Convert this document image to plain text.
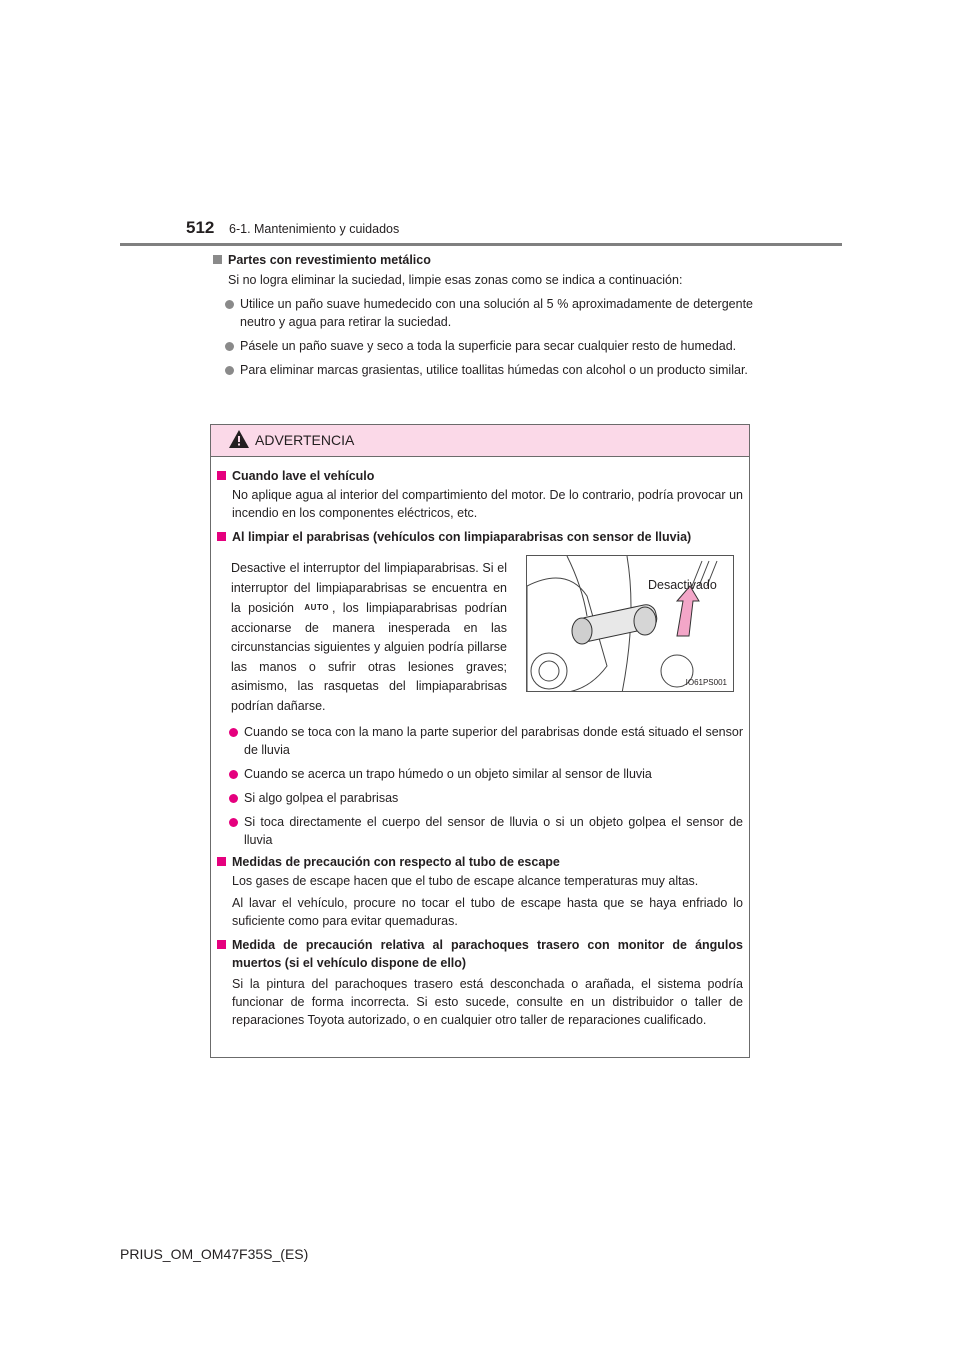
512 6-1. Mantenimiento y cuidados
Partes con revestimiento metálico
Si no logra eliminar la suciedad, limpie esas zonas como se indica a continuación:
Utilice un paño suave humedecido con una solución al 5 % aproximadamente de detergente neutro y agua para retirar la suciedad.
Pásele un paño suave y seco a toda la superficie para secar cualquier resto de humedad.
Para eliminar marcas grasientas, utilice toallitas húmedas con alcohol o un producto similar.
ADVERTENCIA
Cuando lave el vehículo
No aplique agua al interior del compartimiento del motor. De lo contrario, podría provocar un incendio en los componentes eléctricos, etc.
Al limpiar el parabrisas (vehículos con limpiaparabrisas con sensor de lluvia)
Desactive el interruptor del limpiaparabrisas. Si el interruptor del limpiaparabrisas se encuentra en la posición AUTO , los limpiaparabrisas podrían accionarse de manera inesperada en las circunstancias siguientes y alguien podría pillarse las manos o sufrir otras lesiones graves; asimismo, las rasquetas del limpiaparabrisas podrían dañarse.
Desactivado
IO61PS001
Cuando se toca con la mano la parte superior del parabrisas donde está situado el sensor de lluvia
Cuando se acerca un trapo húmedo o un objeto similar al sensor de lluvia
Si algo golpea el parabrisas
Si toca directamente el cuerpo del sensor de lluvia o si un objeto golpea el sensor de lluvia
Medidas de precaución con respecto al tubo de escape
Los gases de escape hacen que el tubo de escape alcance temperaturas muy altas.
Al lavar el vehículo, procure no tocar el tubo de escape hasta que se haya enfriado lo suficiente como para evitar quemaduras.
Medida de precaución relativa al parachoques trasero con monitor de ángulos muertos (si el vehículo dispone de ello)
Si la pintura del parachoques trasero está desconchada o arañada, el sistema podría funcionar de forma incorrecta. Si esto sucede, consulte en un distribuidor o taller de reparaciones Toyota autorizado, o en cualquier otro taller de reparaciones cualificado.
PRIUS_OM_OM47F35S_(ES)
